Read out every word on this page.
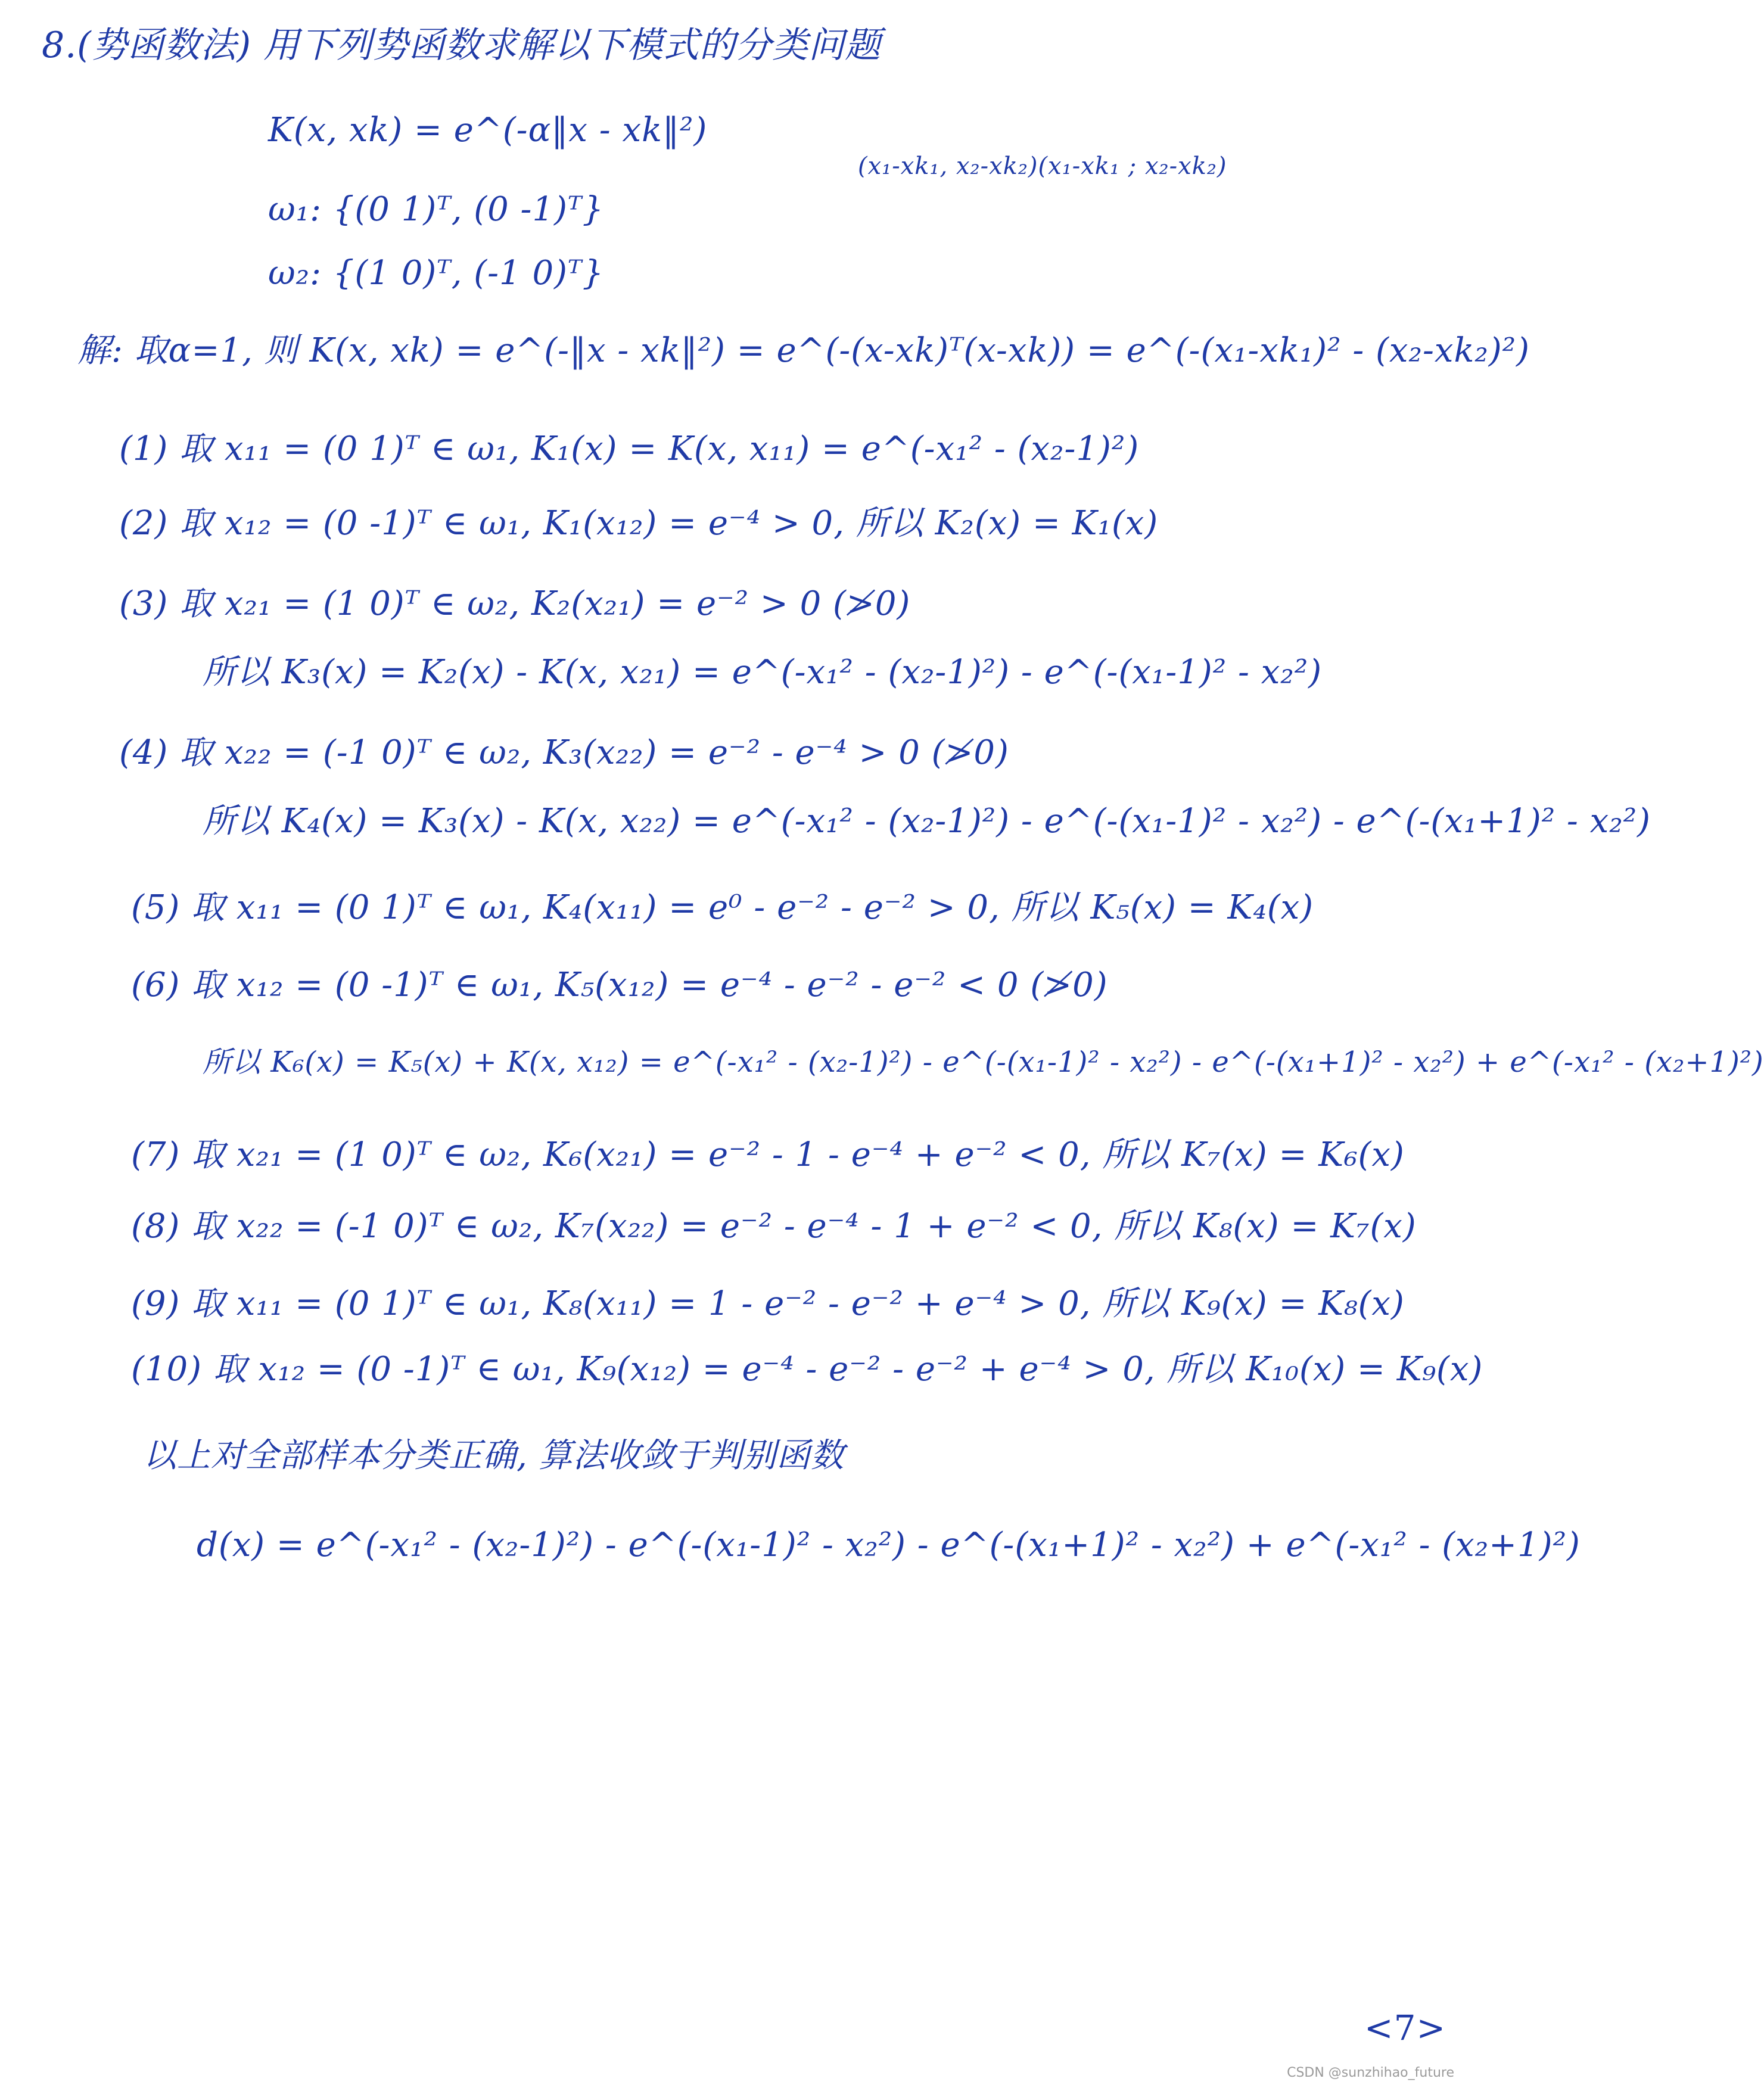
8.(势函数法) 用下列势函数求解以下模式的分类问题
K(x, xk) = e^(-α‖x - xk‖²)
(x₁-xk₁, x₂-xk₂)(x₁-xk₁ ; x₂-xk₂)
ω₁: {(0 1)ᵀ, (0 -1)ᵀ}
ω₂: {(1 0)ᵀ, (-1 0)ᵀ}
解: 取α=1, 则 K(x, xk) = e^(-‖x - xk‖²) = e^(-(x-xk)ᵀ(x-xk)) = e^(-(x₁-xk₁)² - (x₂-xk₂)²)
(1) 取 x₁₁ = (0 1)ᵀ ∈ ω₁, K₁(x) = K(x, x₁₁) = e^(-x₁² - (x₂-1)²)
(2) 取 x₁₂ = (0 -1)ᵀ ∈ ω₁, K₁(x₁₂) = e⁻⁴ > 0, 所以 K₂(x) = K₁(x)
(3) 取 x₂₁ = (1 0)ᵀ ∈ ω₂, K₂(x₂₁) = e⁻² > 0 (≯0)
所以 K₃(x) = K₂(x) - K(x, x₂₁) = e^(-x₁² - (x₂-1)²) - e^(-(x₁-1)² - x₂²)
(4) 取 x₂₂ = (-1 0)ᵀ ∈ ω₂, K₃(x₂₂) = e⁻² - e⁻⁴ > 0 (≯0)
所以 K₄(x) = K₃(x) - K(x, x₂₂) = e^(-x₁² - (x₂-1)²) - e^(-(x₁-1)² - x₂²) - e^(-(x₁+1)² - x₂²)
(5) 取 x₁₁ = (0 1)ᵀ ∈ ω₁, K₄(x₁₁) = e⁰ - e⁻² - e⁻² > 0, 所以 K₅(x) = K₄(x)
(6) 取 x₁₂ = (0 -1)ᵀ ∈ ω₁, K₅(x₁₂) = e⁻⁴ - e⁻² - e⁻² < 0 (≯0)
所以 K₆(x) = K₅(x) + K(x, x₁₂) = e^(-x₁² - (x₂-1)²) - e^(-(x₁-1)² - x₂²) - e^(-(x₁+1)² - x₂²) + e^(-x₁² - (x₂+1)²)
(7) 取 x₂₁ = (1 0)ᵀ ∈ ω₂, K₆(x₂₁) = e⁻² - 1 - e⁻⁴ + e⁻² < 0, 所以 K₇(x) = K₆(x)
(8) 取 x₂₂ = (-1 0)ᵀ ∈ ω₂, K₇(x₂₂) = e⁻² - e⁻⁴ - 1 + e⁻² < 0, 所以 K₈(x) = K₇(x)
(9) 取 x₁₁ = (0 1)ᵀ ∈ ω₁, K₈(x₁₁) = 1 - e⁻² - e⁻² + e⁻⁴ > 0, 所以 K₉(x) = K₈(x)
(10) 取 x₁₂ = (0 -1)ᵀ ∈ ω₁, K₉(x₁₂) = e⁻⁴ - e⁻² - e⁻² + e⁻⁴ > 0, 所以 K₁₀(x) = K₉(x)
以上对全部样本分类正确, 算法收敛于判别函数
d(x) = e^(-x₁² - (x₂-1)²) - e^(-(x₁-1)² - x₂²) - e^(-(x₁+1)² - x₂²) + e^(-x₁² - (x₂+1)²)
<7>
CSDN @sunzhihao_future
